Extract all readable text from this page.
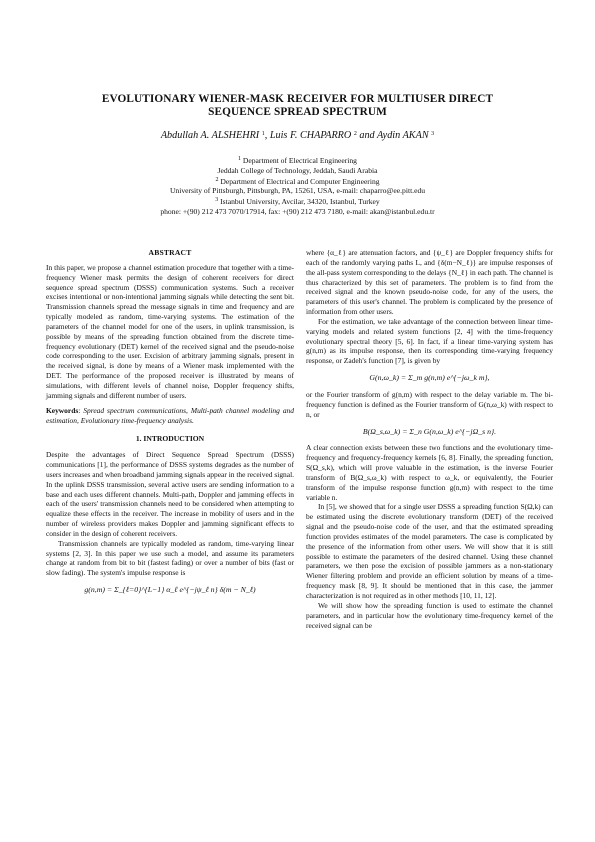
EVOLUTIONARY WIENER-MASK RECEIVER FOR MULTIUSER DIRECT
SEQUENCE SPREAD SPECTRUM
Abdullah A. ALSHEHRI $^1$, Luis F. CHAPARRO $^2$ and Aydin AKAN $^3$
$^1$ Department of Electrical Engineering
Jeddah College of Technology, Jeddah, Saudi Arabia
$^2$ Department of Electrical and Computer Engineering
University of Pittsburgh, Pittsburgh, PA, 15261, USA, e-mail: chaparro@ee.pitt.edu
$^3$ Istanbul University, Avcilar, 34320, Istanbul, Turkey
phone: +(90) 212 473 7070/17914, fax: +(90) 212 473 7180, e-mail: akan@istanbul.edu.tr

ABSTRACT

In this paper, we propose a channel estimation procedure that together with a time-frequency Wiener mask permits the design of coherent receivers for direct sequence spread spectrum (DSSS) communication systems. Such a receiver excises intentional or non-intentional jamming signals while detecting the sent bit. Transmission channels spread the message signals in time and frequency and are typically modeled as random, time-varying systems. The estimation of the parameters of the channel model for one of the users, in uplink transmission, is possible by means of the spreading function obtained from the discrete time-frequency evolutionary (DET) kernel of the received signal and the pseudo-noise code corresponding to the user. Excision of arbitrary jamming signals, present in the received signal, is done by means of a Wiener mask implemented with the DET. The performance of the proposed receiver is illustrated by means of simulations, with different levels of channel noise, Doppler frequency shifts, jamming signals and different number of users.

Keywords: Spread spectrum communications, Multi-path channel modeling and estimation, Evolutionary time-frequency analysis.

1. INTRODUCTION

Despite the advantages of Direct Sequence Spread Spectrum (DSSS) communications [1], the performance of DSSS systems degrades as the number of users increases and when broadband jamming signals appear in the received signal. In the uplink DSSS transmission, several active users are sending information to a base and each uses different channels. Multi-path, Doppler and jamming effects in each of the users' transmission channels need to be considered when attempting to equalize these effects in the receiver. The increase in mobility of users and in the number of wireless providers makes Doppler and jamming significant effects to consider in the design of coherent receivers.

Transmission channels are typically modeled as random, time-varying linear systems [2, 3]. In this paper we use such a model, and assume its parameters change at random from bit to bit (fastest fading) or over a number of bits (fast or slow fading). The system's impulse response is

g(n,m) = Σ_{ℓ=0}^{L−1} α_ℓ e^{−jψ_ℓ n} δ(m − N_ℓ)

where {α_ℓ} are attenuation factors, and {ψ_ℓ} are Doppler frequency shifts for each of the randomly varying paths L, and {δ(m−N_ℓ)} are impulse responses of the all-pass system corresponding to the delays {N_ℓ} in each path. The channel is thus characterized by this set of parameters. The problem is to find from the received signal and the known pseudo-noise code, for any of the users, the parameters of this user's channel. The problem is complicated by the presence of information from other users.

For the estimation, we take advantage of the connection between linear time-varying models and related system functions [2, 4] with the time-frequency evolutionary spectral theory [5, 6]. In fact, if a linear time-varying system has g(n,m) as its impulse response, then its corresponding time-varying frequency response, or Zadeh's function [7], is given by

G(n,ω_k) = Σ_m g(n,m) e^{−jω_k m},

or the Fourier transform of g(n,m) with respect to the delay variable m. The bi-frequency function is defined as the Fourier transform of G(n,ω_k) with respect to n, or

B(Ω_s,ω_k) = Σ_n G(n,ω_k) e^{−jΩ_s n}.

A clear connection exists between these two functions and the evolutionary time-frequency and frequency-frequency kernels [6, 8]. Finally, the spreading function, S(Ω_s,k), which will prove valuable in the estimation, is the inverse Fourier transform of B(Ω_s,ω_k) with respect to ω_k, or equivalently, the Fourier transform of the impulse response function g(n,m) with respect to the time variable n.

In [5], we showed that for a single user DSSS a spreading function S(Ω,k) can be estimated using the discrete evolutionary transform (DET) of the received signal and the pseudo-noise code of the user, and that the estimated spreading function provides estimates of the model parameters. The case is complicated by the presence of the information from other users. We will show that it is still possible to estimate the parameters of the desired channel. Using these channel parameters, we then pose the excision of possible jammers as a non-stationary Wiener filtering problem and provide an efficient solution by means of a time-frequency mask [8, 9]. It should be mentioned that in this case, the jammer characterization is not required as in other methods [10, 11, 12].

We will show how the spreading function is used to estimate the channel parameters, and in particular how the evolutionary time-frequency kernel of the received signal can be
